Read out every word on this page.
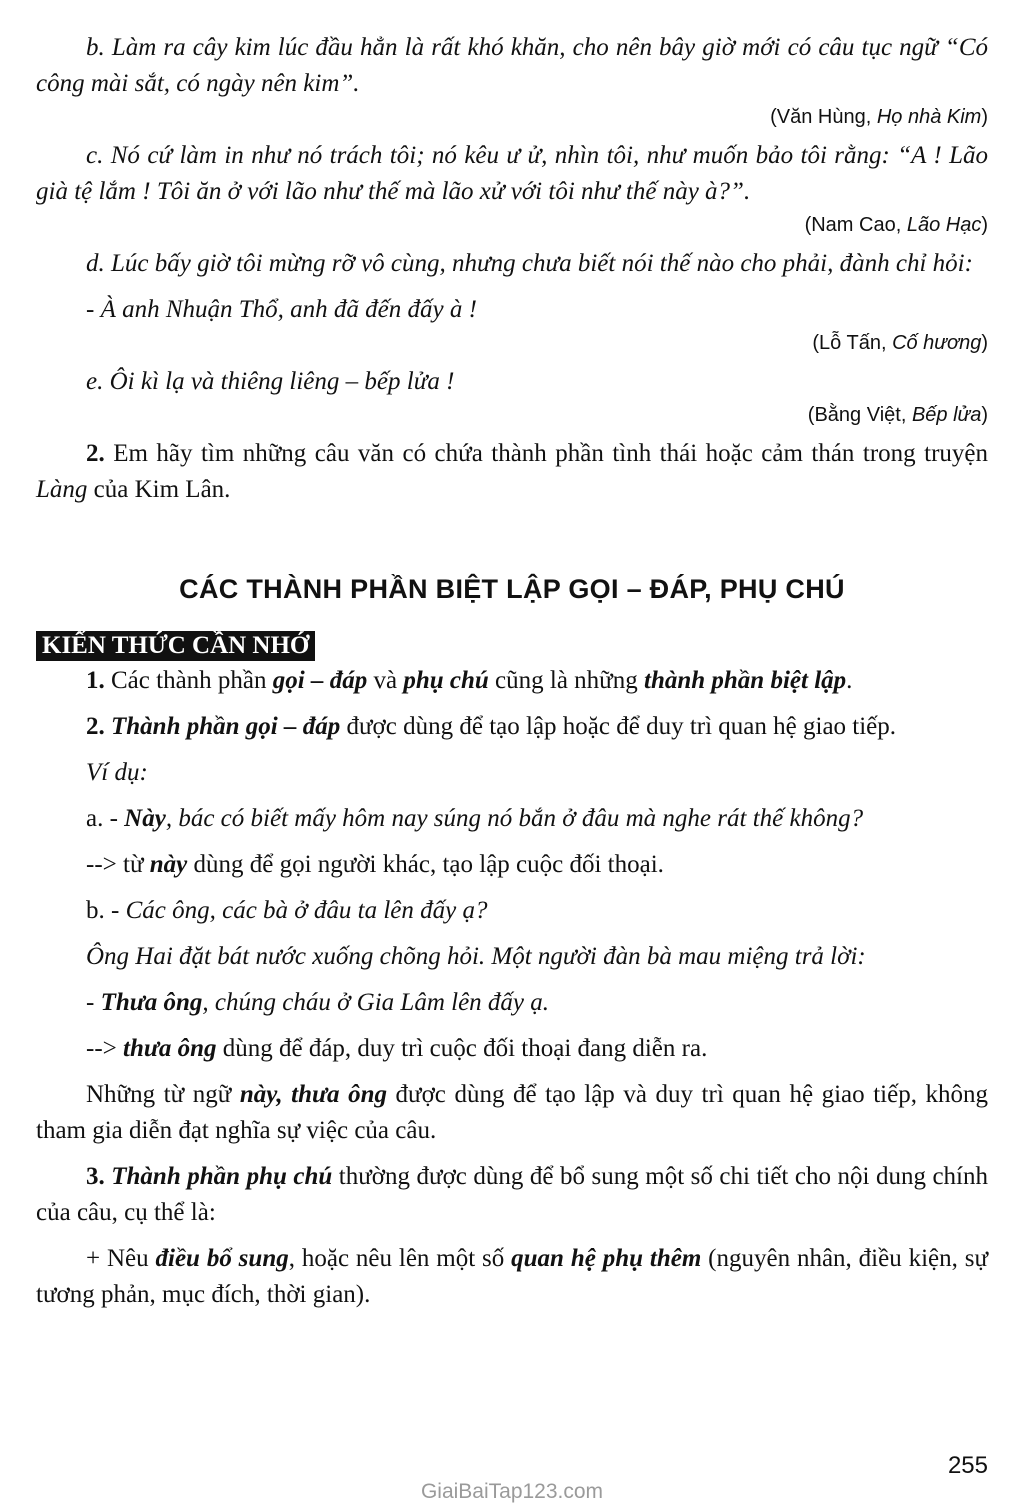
b. Làm ra cây kim lúc đầu hẳn là rất khó khăn, cho nên bây giờ mới có câu tục ngữ “Có công mài sắt, có ngày nên kim”.

(Văn Hùng, Họ nhà Kim)

c. Nó cứ làm in như nó trách tôi; nó kêu ư ử, nhìn tôi, như muốn bảo tôi rằng: “A ! Lão già tệ lắm ! Tôi ăn ở với lão như thế mà lão xử với tôi như thế này à?”.

(Nam Cao, Lão Hạc)

d. Lúc bấy giờ tôi mừng rỡ vô cùng, nhưng chưa biết nói thế nào cho phải, đành chỉ hỏi:

- À anh Nhuận Thổ, anh đã đến đấy à !

(Lỗ Tấn, Cố hương)

e. Ôi kì lạ và thiêng liêng – bếp lửa !

(Bằng Việt, Bếp lửa)

2. Em hãy tìm những câu văn có chứa thành phần tình thái hoặc cảm thán trong truyện Làng của Kim Lân.

CÁC THÀNH PHẦN BIỆT LẬP GỌI – ĐÁP, PHỤ CHÚ
KIẾN THỨC CẦN NHỚ

1. Các thành phần gọi – đáp và phụ chú cũng là những thành phần biệt lập.

2. Thành phần gọi – đáp được dùng để tạo lập hoặc để duy trì quan hệ giao tiếp.

Ví dụ:

a. - Này, bác có biết mấy hôm nay súng nó bắn ở đâu mà nghe rát thế không?

--> từ này dùng để gọi người khác, tạo lập cuộc đối thoại.

b. - Các ông, các bà ở đâu ta lên đấy ạ?

Ông Hai đặt bát nước xuống chõng hỏi. Một người đàn bà mau miệng trả lời:

- Thưa ông, chúng cháu ở Gia Lâm lên đấy ạ.

--> thưa ông dùng để đáp, duy trì cuộc đối thoại đang diễn ra.

Những từ ngữ này, thưa ông được dùng để tạo lập và duy trì quan hệ giao tiếp, không tham gia diễn đạt nghĩa sự việc của câu.

3. Thành phần phụ chú thường được dùng để bổ sung một số chi tiết cho nội dung chính của câu, cụ thể là:

+ Nêu điều bổ sung, hoặc nêu lên một số quan hệ phụ thêm (nguyên nhân, điều kiện, sự tương phản, mục đích, thời gian).

255
GiaiBaiTap123.com
